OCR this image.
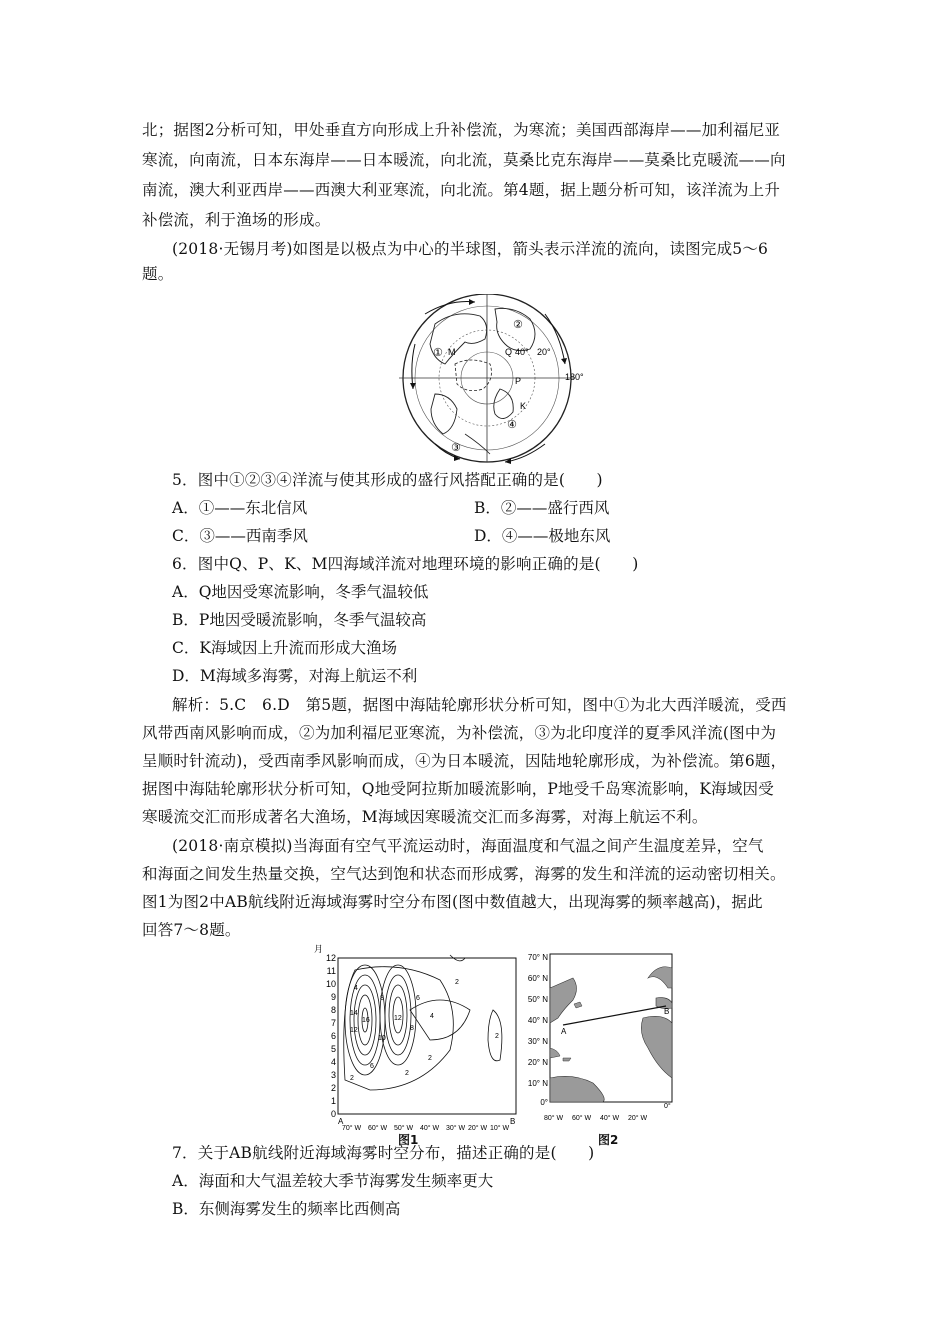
北；据图2分析可知，甲处垂直方向形成上升补偿流，为寒流；美国西部海岸——加利福尼亚
寒流，向南流，日本东海岸——日本暖流，向北流，莫桑比克东海岸——莫桑比克暖流——向
南流，澳大利亚西岸——西澳大利亚寒流，向北流。第4题，据上题分析可知，该洋流为上升
补偿流，利于渔场的形成。
(2018·无锡月考)如图是以极点为中心的半球图，箭头表示洋流的流向，读图完成5～6
题。
①
②
③
④
M	Q
P
K
40° 20°
180°
5．图中①②③④洋流与使其形成的盛行风搭配正确的是(　　)
A．①——东北信风	B．②——盛行西风
C．③——西南季风	D．④——极地东风
6．图中Q、P、K、M四海域洋流对地理环境的影响正确的是(　　)
A．Q地因受寒流影响，冬季气温较低
B．P地因受暖流影响，冬季气温较高
C．K海域因上升流而形成大渔场
D．M海域多海雾，对海上航运不利
解析：5.C　6.D　第5题，据图中海陆轮廓形状分析可知，图中①为北大西洋暖流，受西
风带西南风影响而成，②为加利福尼亚寒流，为补偿流，③为北印度洋的夏季风洋流(图中为
呈顺时针流动)，受西南季风影响而成，④为日本暖流，因陆地轮廓形成，为补偿流。第6题，
据图中海陆轮廓形状分析可知，Q地受阿拉斯加暖流影响，P地受千岛寒流影响，K海域因受
寒暖流交汇而形成著名大渔场，M海域因寒暖流交汇而多海雾，对海上航运不利。
(2018·南京模拟)当海面有空气平流运动时，海面温度和气温之间产生温度差异，空气
和海面之间发生热量交换，空气达到饱和状态而形成雾，海雾的发生和洋流的运动密切相关。
图1为图2中AB航线附近海域海雾时空分布图(图中数值越大，出现海雾的频率越高)，据此
回答7～8题。
月
12
11
10
9
8
7
6
5
4
3
2
1
0
14
12
16
8
10
12
8
6
4
6
4
2
2
2
2
2
A	B
70° W 60° W 50° W 40° W 30° W 20° W 10° W
图1
70° N
60° N
50° N
40° N
30° N
20° N
10° N
0°
A
B
80° W 60° W 40° W 20° W
0°
图2
7．关于AB航线附近海域海雾时空分布，描述正确的是(　　)
A．海面和大气温差较大季节海雾发生频率更大
B．东侧海雾发生的频率比西侧高
